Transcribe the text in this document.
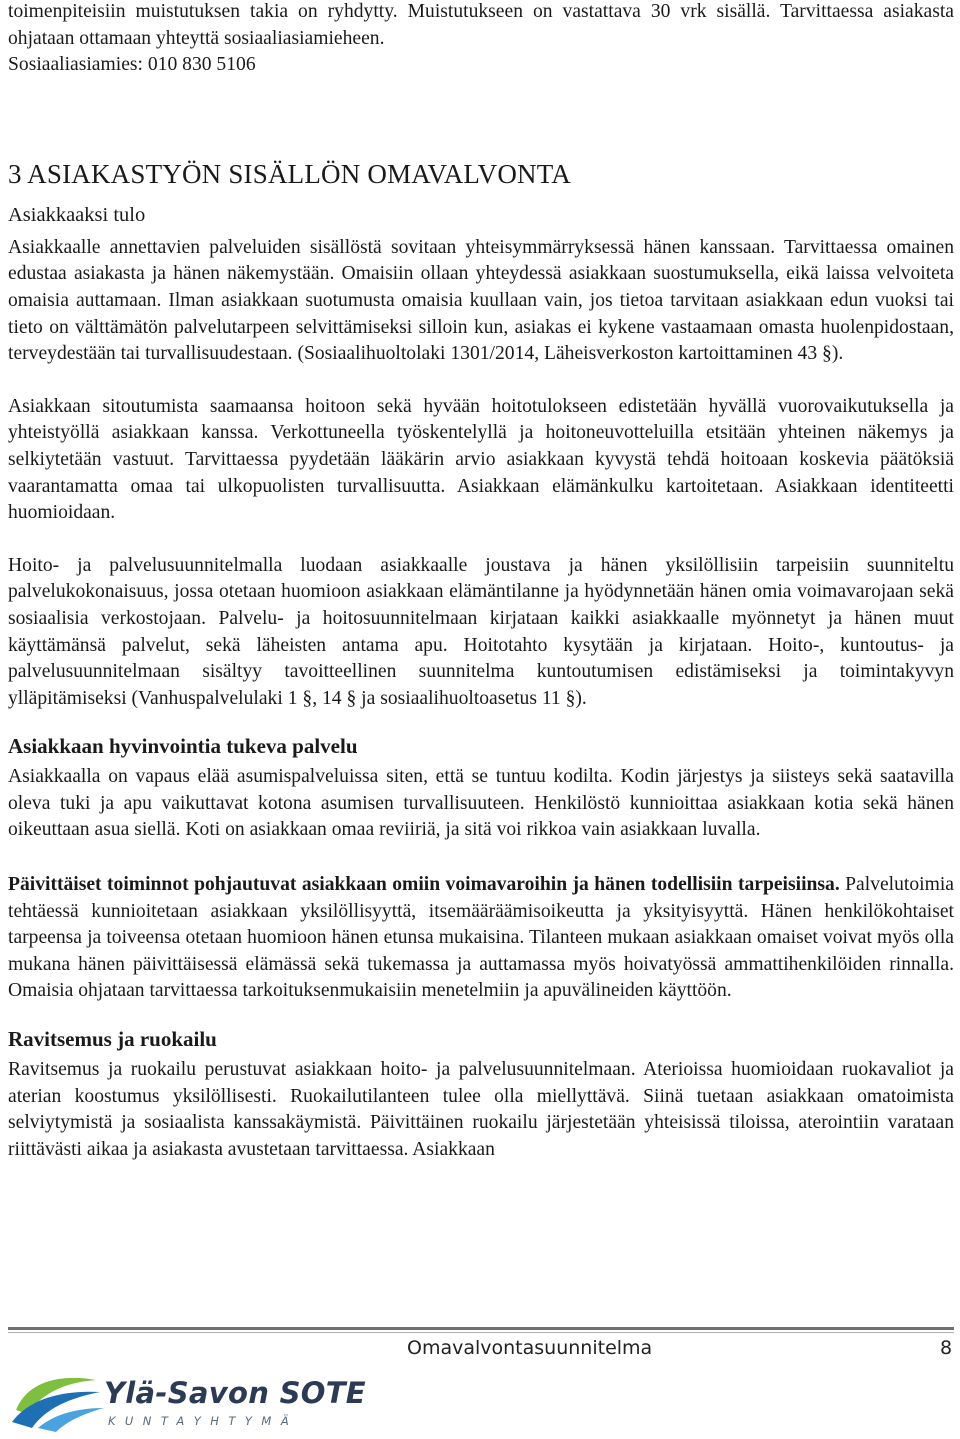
toimenpiteisiin muistutuksen takia on ryhdytty. Muistutukseen on vastattava 30 vrk sisällä. Tarvittaessa asiakasta ohjataan ottamaan yhteyttä sosiaaliasiamieheen.

Sosiaaliasiamies: 010 830 5106

3 ASIAKASTYÖN SISÄLLÖN OMAVALVONTA
Asiakkaaksi tulo

Asiakkaalle annettavien palveluiden sisällöstä sovitaan yhteisymmärryksessä hänen kanssaan. Tarvittaessa omainen edustaa asiakasta ja hänen näkemystään. Omaisiin ollaan yhteydessä asiakkaan suostumuksella, eikä laissa velvoiteta omaisia auttamaan. Ilman asiakkaan suotumusta omaisia kuullaan vain, jos tietoa tarvitaan asiakkaan edun vuoksi tai tieto on välttämätön palvelutarpeen selvittämiseksi silloin kun, asiakas ei kykene vastaamaan omasta huolenpidostaan, terveydestään tai turvallisuudestaan. (Sosiaalihuoltolaki 1301/2014, Läheisverkoston kartoittaminen 43 §).

Asiakkaan sitoutumista saamaansa hoitoon sekä hyvään hoitotulokseen edistetään hyvällä vuorovaikutuksella ja yhteistyöllä asiakkaan kanssa. Verkottuneella työskentelyllä ja hoitoneuvotteluilla etsitään yhteinen näkemys ja selkiytetään vastuut. Tarvittaessa pyydetään lääkärin arvio asiakkaan kyvystä tehdä hoitoaan koskevia päätöksiä vaarantamatta omaa tai ulkopuolisten turvallisuutta. Asiakkaan elämänkulku kartoitetaan. Asiakkaan identiteetti huomioidaan.

Hoito- ja palvelusuunnitelmalla luodaan asiakkaalle joustava ja hänen yksilöllisiin tarpeisiin suunniteltu palvelukokonaisuus, jossa otetaan huomioon asiakkaan elämäntilanne ja hyödynnetään hänen omia voimavarojaan sekä sosiaalisia verkostojaan. Palvelu- ja hoitosuunnitelmaan kirjataan kaikki asiakkaalle myönnetyt ja hänen muut käyttämänsä palvelut, sekä läheisten antama apu. Hoitotahto kysytään ja kirjataan. Hoito-, kuntoutus- ja palvelusuunnitelmaan sisältyy tavoitteellinen suunnitelma kuntoutumisen edistämiseksi ja toimintakyvyn ylläpitämiseksi (Vanhuspalvelulaki 1 §, 14 § ja sosiaalihuoltoasetus 11 §).

Asiakkaan hyvinvointia tukeva palvelu

Asiakkaalla on vapaus elää asumispalveluissa siten, että se tuntuu kodilta. Kodin järjestys ja siisteys sekä saatavilla oleva tuki ja apu vaikuttavat kotona asumisen turvallisuuteen. Henkilöstö kunnioittaa asiakkaan kotia sekä hänen oikeuttaan asua siellä. Koti on asiakkaan omaa reviiriä, ja sitä voi rikkoa vain asiakkaan luvalla.

Päivittäiset toiminnot pohjautuvat asiakkaan omiin voimavaroihin ja hänen todellisiin tarpeisiinsa. Palvelutoimia tehtäessä kunnioitetaan asiakkaan yksilöllisyyttä, itsemääräämisoikeutta ja yksityisyyttä. Hänen henkilökohtaiset tarpeensa ja toiveensa otetaan huomioon hänen etunsa mukaisina. Tilanteen mukaan asiakkaan omaiset voivat myös olla mukana hänen päivittäisessä elämässä sekä tukemassa ja auttamassa myös hoivatyössä ammattihenkilöiden rinnalla. Omaisia ohjataan tarvittaessa tarkoituksenmukaisiin menetelmiin ja apuvälineiden käyttöön.

Ravitsemus ja ruokailu

Ravitsemus ja ruokailu perustuvat asiakkaan hoito- ja palvelusuunnitelmaan. Aterioissa huomioidaan ruokavaliot ja aterian koostumus yksilöllisesti. Ruokailutilanteen tulee olla miellyttävä. Siinä tuetaan asiakkaan omatoimista selviytymistä ja sosiaalista kanssakäymistä. Päivittäinen ruokailu järjestetään yhteisissä tiloissa, aterointiin varataan riittävästi aikaa ja asiakasta avustetaan tarvittaessa. Asiakkaan

Omavalvontasuunnitelma	8
Ylä-Savon SOTE
KUNTAYHTYMÄ
